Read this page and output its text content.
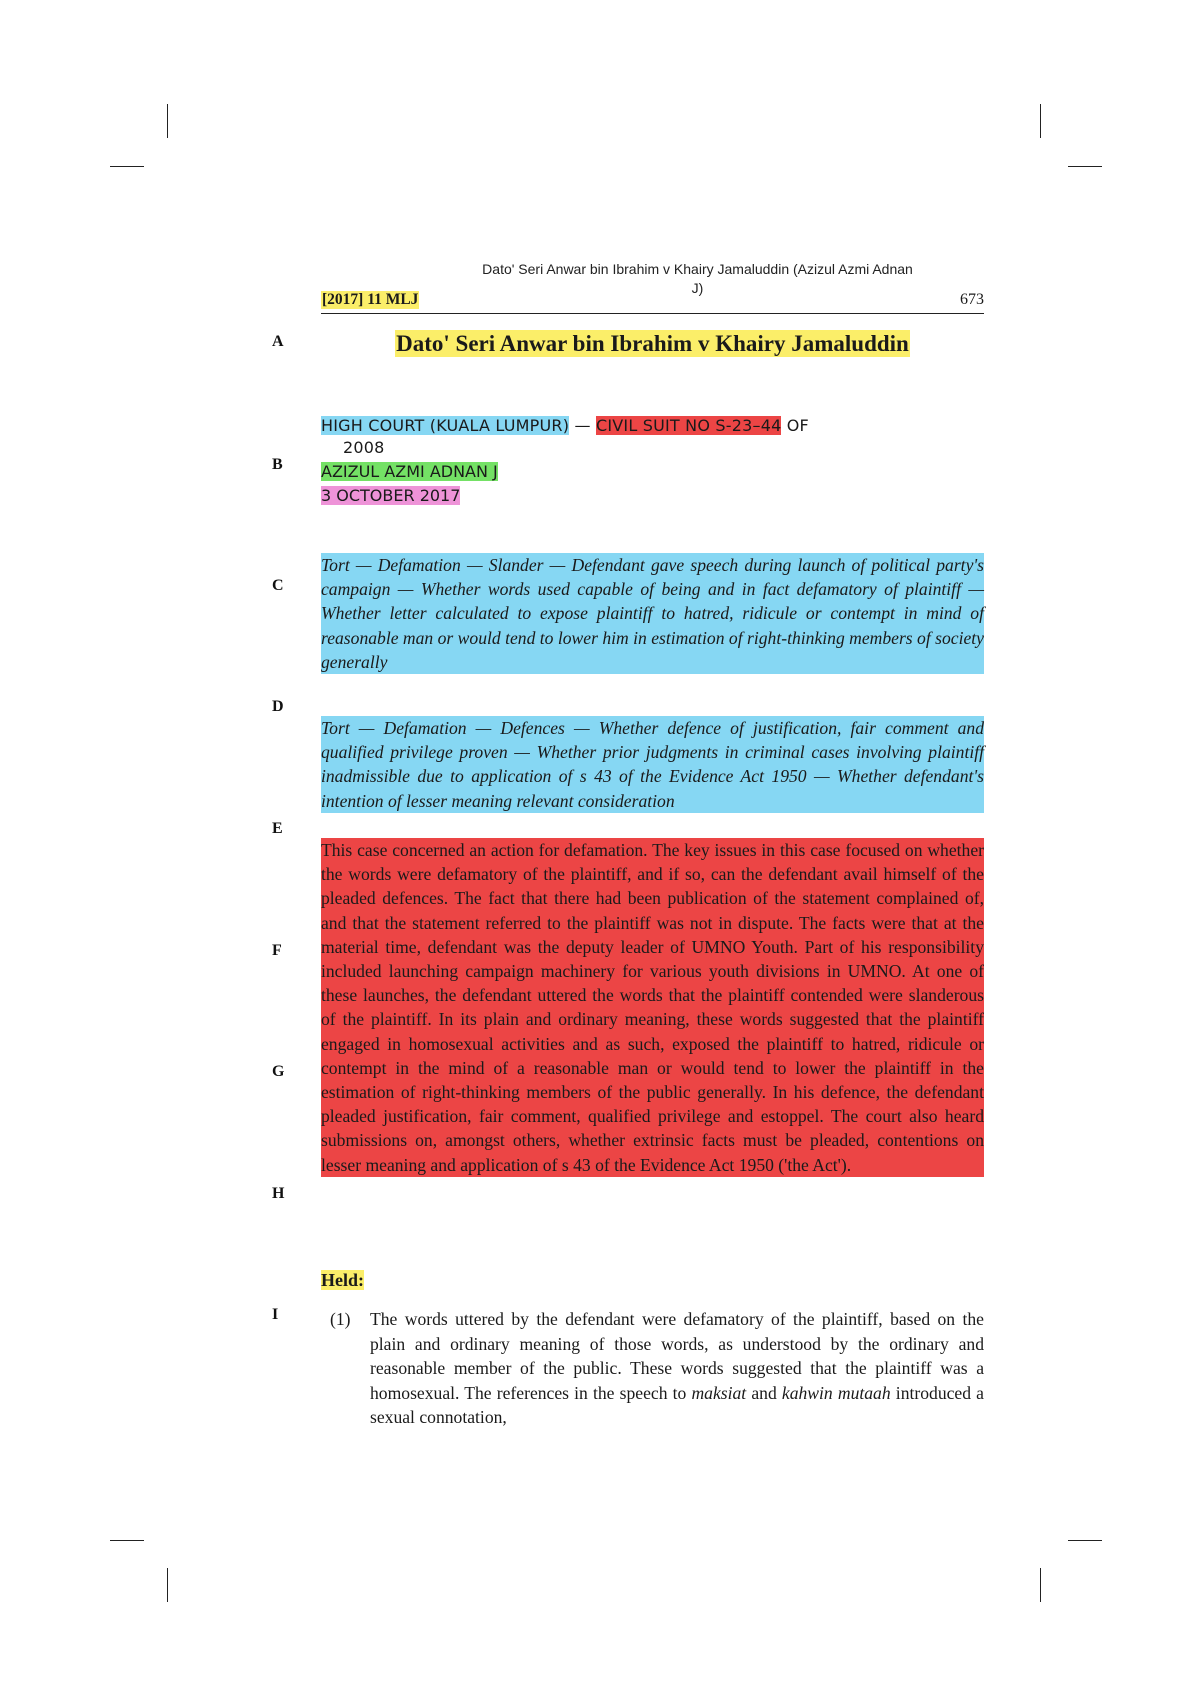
A
B
C
D
E
F
G
H
I
[2017] 11 MLJ
Dato' Seri Anwar bin Ibrahim v Khairy Jamaluddin (Azizul Azmi Adnan J)
673
Dato' Seri Anwar bin Ibrahim v Khairy Jamaluddin
HIGH COURT (KUALA LUMPUR) — CIVIL SUIT NO S-23–44 OF
2008
AZIZUL AZMI ADNAN J
3 OCTOBER 2017
Tort — Defamation — Slander — Defendant gave speech during launch of political party's campaign — Whether words used capable of being and in fact defamatory of plaintiff — Whether letter calculated to expose plaintiff to hatred, ridicule or contempt in mind of reasonable man or would tend to lower him in estimation of right-thinking members of society generally
Tort — Defamation — Defences — Whether defence of justification, fair comment and qualified privilege proven — Whether prior judgments in criminal cases involving plaintiff inadmissible due to application of s 43 of the Evidence Act 1950 — Whether defendant's intention of lesser meaning relevant consideration
This case concerned an action for defamation. The key issues in this case focused on whether the words were defamatory of the plaintiff, and if so, can the defendant avail himself of the pleaded defences. The fact that there had been publication of the statement complained of, and that the statement referred to the plaintiff was not in dispute. The facts were that at the material time, defendant was the deputy leader of UMNO Youth. Part of his responsibility included launching campaign machinery for various youth divisions in UMNO. At one of these launches, the defendant uttered the words that the plaintiff contended were slanderous of the plaintiff. In its plain and ordinary meaning, these words suggested that the plaintiff engaged in homosexual activities and as such, exposed the plaintiff to hatred, ridicule or contempt in the mind of a reasonable man or would tend to lower the plaintiff in the estimation of right-thinking members of the public generally. In his defence, the defendant pleaded justification, fair comment, qualified privilege and estoppel. The court also heard submissions on, amongst others, whether extrinsic facts must be pleaded, contentions on lesser meaning and application of s 43 of the Evidence Act 1950 ('the Act').
Held:
(1) The words uttered by the defendant were defamatory of the plaintiff, based on the plain and ordinary meaning of those words, as understood by the ordinary and reasonable member of the public. These words suggested that the plaintiff was a homosexual. The references in the speech to maksiat and kahwin mutaah introduced a sexual connotation,
